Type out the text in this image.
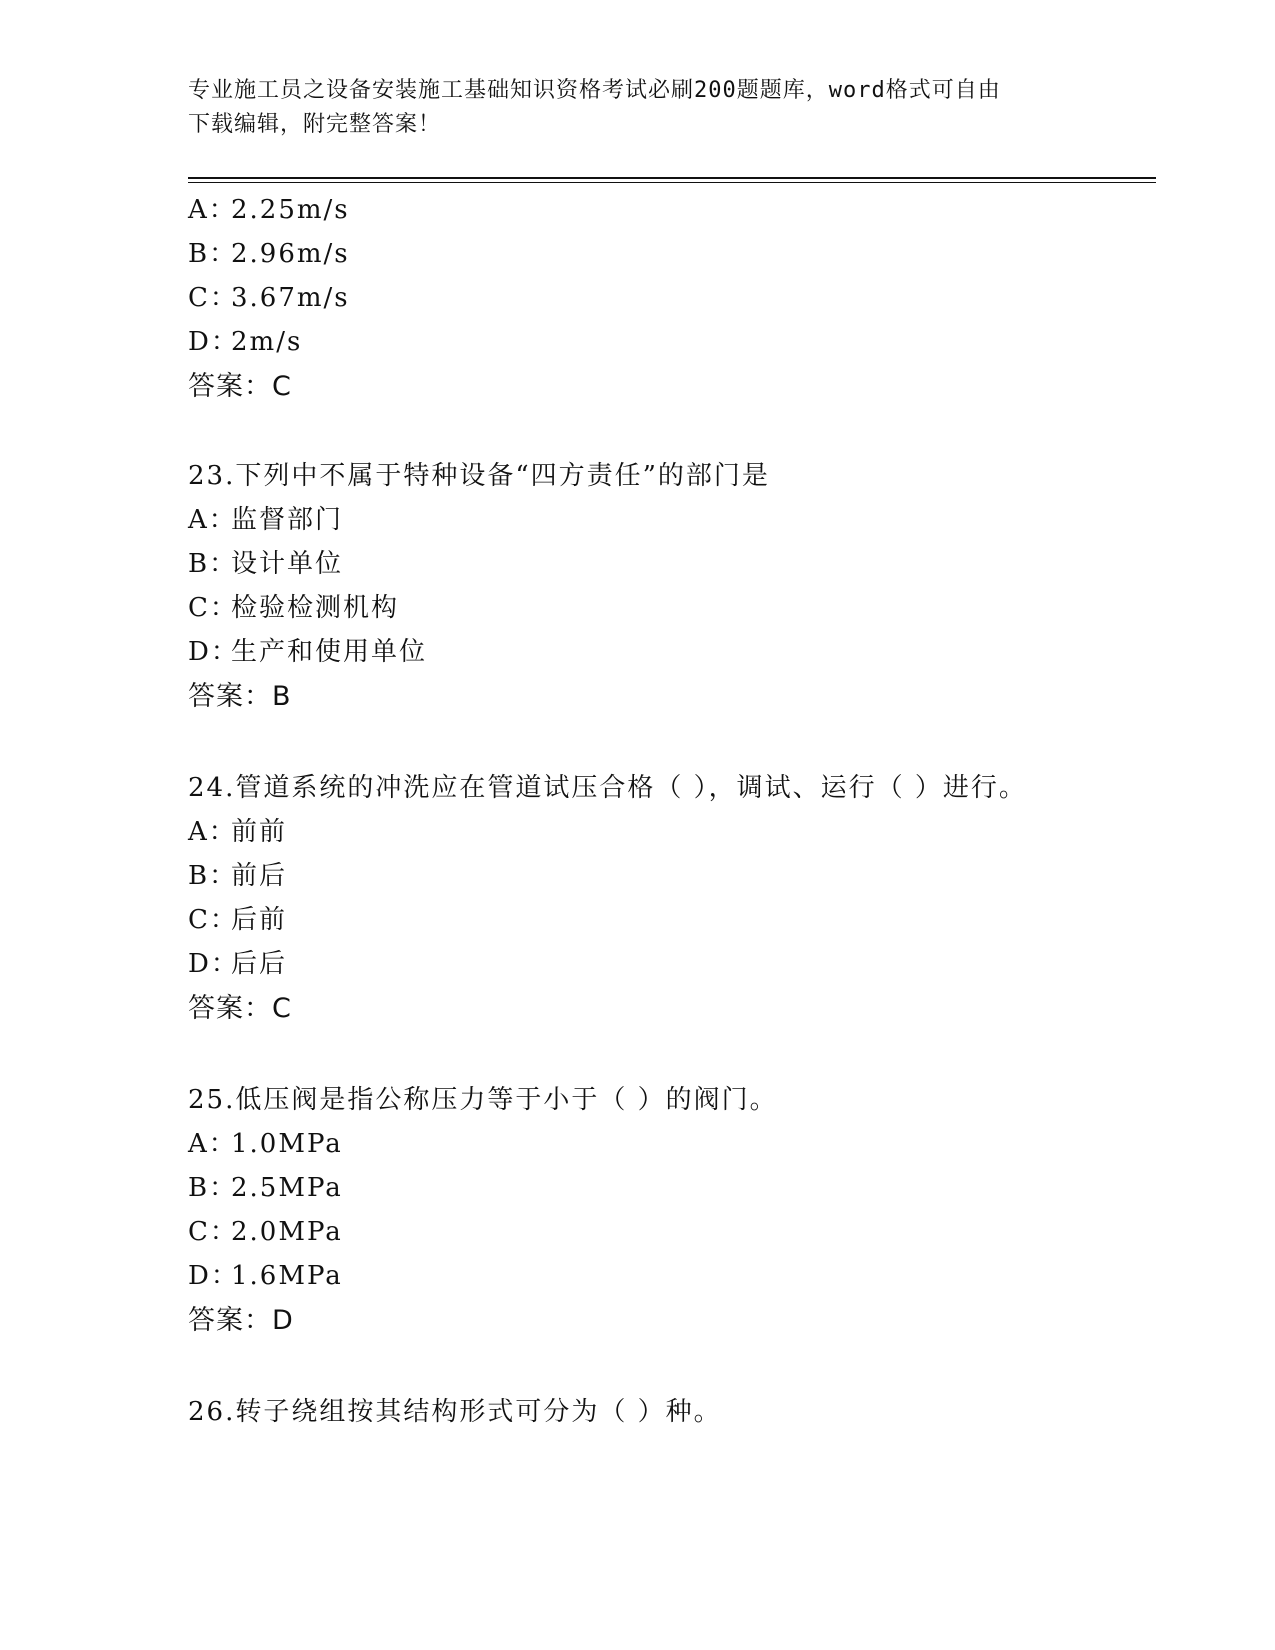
专业施工员之设备安装施工基础知识资格考试必刷200题题库，word格式可自由
下载编辑，附完整答案！
A：2.25m/s
B：2.96m/s
C：3.67m/s
D：2m/s
答案：C
23.下列中不属于特种设备“四方责任”的部门是
A：监督部门
B：设计单位
C：检验检测机构
D：生产和使用单位
答案：B
24.管道系统的冲洗应在管道试压合格（ ），调试、运行（ ）进行。
A：前前
B：前后
C：后前
D：后后
答案：C
25.低压阀是指公称压力等于小于（ ）的阀门。
A：1.0MPa
B：2.5MPa
C：2.0MPa
D：1.6MPa
答案：D
26.转子绕组按其结构形式可分为（ ）种。
